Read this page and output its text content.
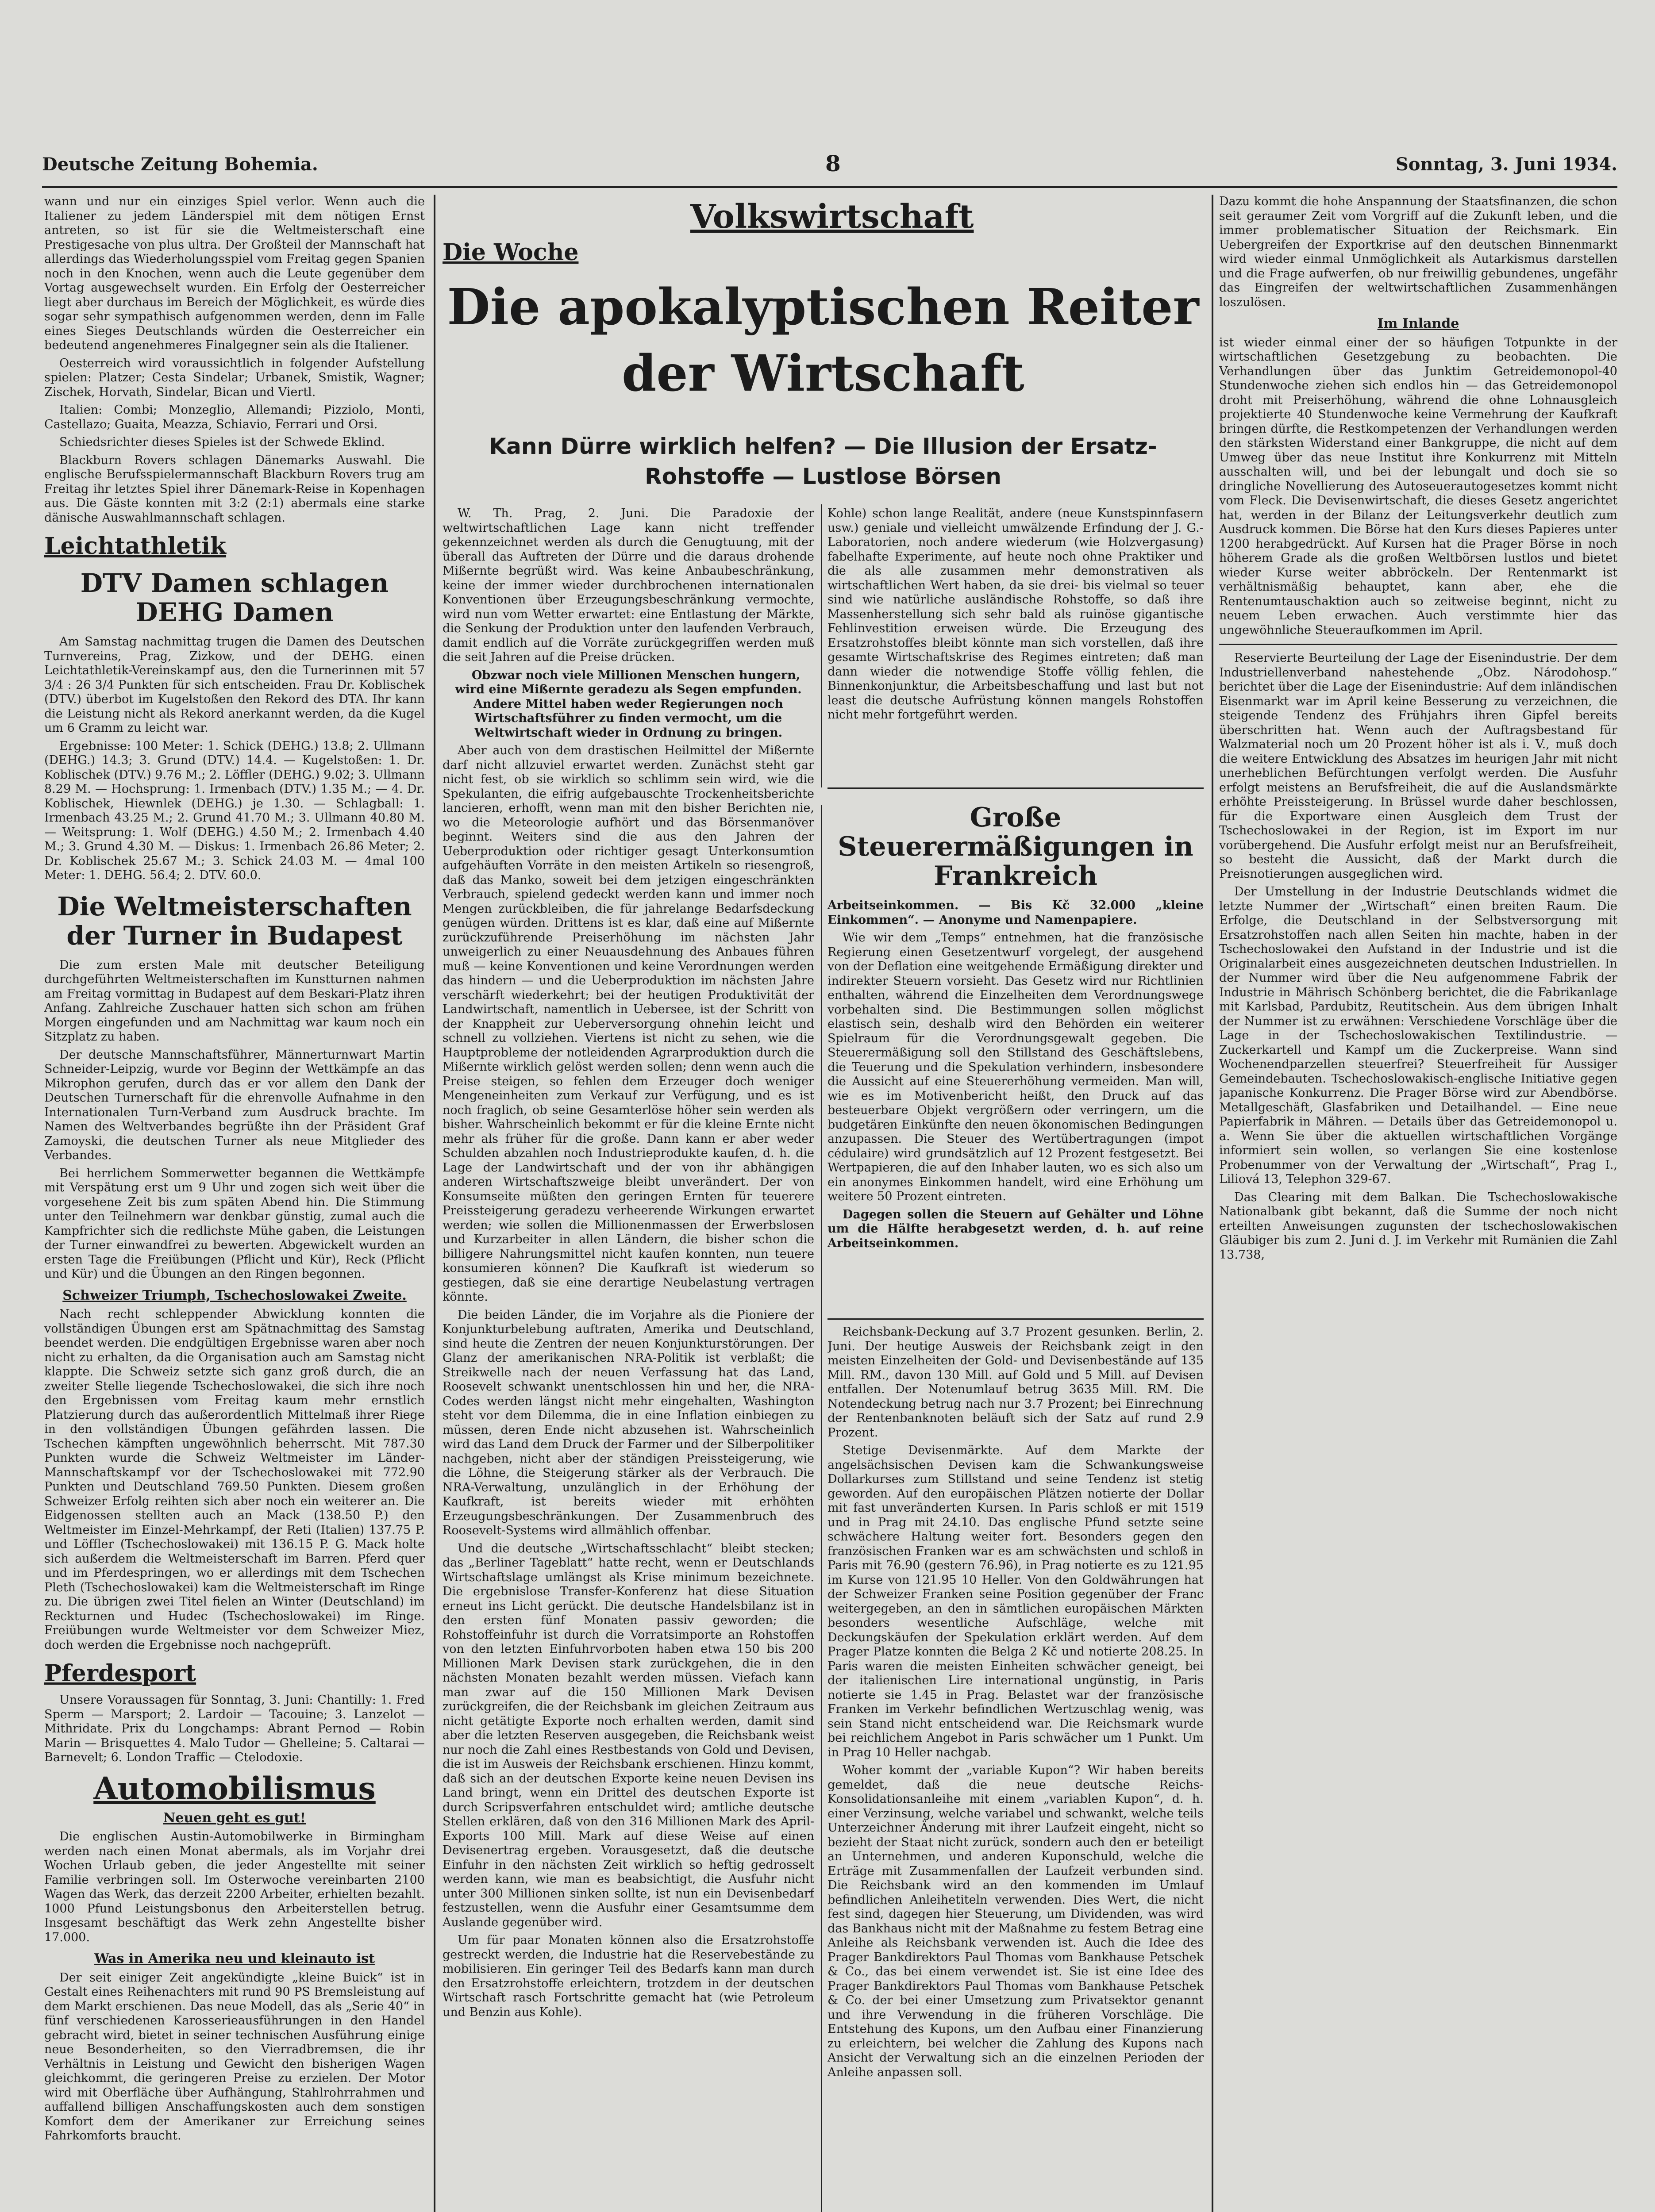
Deutsche Zeitung Bohemia.	8	Sonntag, 3. Juni 1934.

wann und nur ein einziges Spiel verlor. Wenn auch die Italiener zu jedem Länderspiel mit dem nötigen Ernst antreten, so ist für sie die Weltmeisterschaft eine Prestigesache von plus ultra. Der Großteil der Mannschaft hat allerdings das Wiederholungsspiel vom Freitag gegen Spanien noch in den Knochen, wenn auch die Leute gegenüber dem Vortag ausgewechselt wurden. Ein Erfolg der Oesterreicher liegt aber durchaus im Bereich der Möglichkeit, es würde dies sogar sehr sympathisch aufgenommen werden, denn im Falle eines Sieges Deutschlands würden die Oesterreicher ein bedeutend angenehmeres Finalgegner sein als die Italiener.

Oesterreich wird voraussichtlich in folgender Aufstellung spielen: Platzer; Cesta Sindelar; Urbanek, Smistik, Wagner; Zischek, Horvath, Sindelar, Bican und Viertl.

Italien: Combi; Monzeglio, Allemandi; Pizziolo, Monti, Castellazo; Guaita, Meazza, Schiavio, Ferrari und Orsi.

Schiedsrichter dieses Spieles ist der Schwede Eklind.

Blackburn Rovers schlagen Dänemarks Auswahl. Die englische Berufsspielermannschaft Blackburn Rovers trug am Freitag ihr letztes Spiel ihrer Dänemark-Reise in Kopenhagen aus. Die Gäste konnten mit 3:2 (2:1) abermals eine starke dänische Auswahlmannschaft schlagen.

Leichtathletik
DTV Damen schlagen DEHG Damen

Am Samstag nachmittag trugen die Damen des Deutschen Turnvereins, Prag, Zizkow, und der DEHG. einen Leichtathletik-Vereinskampf aus, den die Turnerinnen mit 57 3/4 : 26 3/4 Punkten für sich entscheiden. Frau Dr. Koblischek (DTV.) überbot im Kugelstoßen den Rekord des DTA. Ihr kann die Leistung nicht als Rekord anerkannt werden, da die Kugel um 6 Gramm zu leicht war.

Ergebnisse: 100 Meter: 1. Schick (DEHG.) 13.8; 2. Ullmann (DEHG.) 14.3; 3. Grund (DTV.) 14.4. — Kugelstoßen: 1. Dr. Koblischek (DTV.) 9.76 M.; 2. Löffler (DEHG.) 9.02; 3. Ullmann 8.29 M. — Hochsprung: 1. Irmenbach (DTV.) 1.35 M.; — 4. Dr. Koblischek, Hiewnlek (DEHG.) je 1.30. — Schlagball: 1. Irmenbach 43.25 M.; 2. Grund 41.70 M.; 3. Ullmann 40.80 M. — Weitsprung: 1. Wolf (DEHG.) 4.50 M.; 2. Irmenbach 4.40 M.; 3. Grund 4.30 M. — Diskus: 1. Irmenbach 26.86 Meter; 2. Dr. Koblischek 25.67 M.; 3. Schick 24.03 M. — 4mal 100 Meter: 1. DEHG. 56.4; 2. DTV. 60.0.

Die Weltmeisterschaften der Turner in Budapest

Die zum ersten Male mit deutscher Beteiligung durchgeführten Weltmeisterschaften im Kunstturnen nahmen am Freitag vormittag in Budapest auf dem Beskari-Platz ihren Anfang. Zahlreiche Zuschauer hatten sich schon am frühen Morgen eingefunden und am Nachmittag war kaum noch ein Sitzplatz zu haben.

Der deutsche Mannschaftsführer, Männerturnwart Martin Schneider-Leipzig, wurde vor Beginn der Wettkämpfe an das Mikrophon gerufen, durch das er vor allem den Dank der Deutschen Turnerschaft für die ehrenvolle Aufnahme in den Internationalen Turn-Verband zum Ausdruck brachte. Im Namen des Weltverbandes begrüßte ihn der Präsident Graf Zamoyski, die deutschen Turner als neue Mitglieder des Verbandes.

Bei herrlichem Sommerwetter begannen die Wettkämpfe mit Verspätung erst um 9 Uhr und zogen sich weit über die vorgesehene Zeit bis zum späten Abend hin. Die Stimmung unter den Teilnehmern war denkbar günstig, zumal auch die Kampfrichter sich die redlichste Mühe gaben, die Leistungen der Turner einwandfrei zu bewerten. Abgewickelt wurden an ersten Tage die Freiübungen (Pflicht und Kür), Reck (Pflicht und Kür) und die Übungen an den Ringen begonnen.

Schweizer Triumph, Tschechoslowakei Zweite.

Nach recht schleppender Abwicklung konnten die vollständigen Übungen erst am Spätnachmittag des Samstag beendet werden. Die endgültigen Ergebnisse waren aber noch nicht zu erhalten, da die Organisation auch am Samstag nicht klappte. Die Schweiz setzte sich ganz groß durch, die an zweiter Stelle liegende Tschechoslowakei, die sich ihre noch den Ergebnissen vom Freitag kaum mehr ernstlich Platzierung durch das außerordentlich Mittelmaß ihrer Riege in den vollständigen Übungen gefährden lassen. Die Tschechen kämpften ungewöhnlich beherrscht. Mit 787.30 Punkten wurde die Schweiz Weltmeister im Länder-Mannschaftskampf vor der Tschechoslowakei mit 772.90 Punkten und Deutschland 769.50 Punkten. Diesem großen Schweizer Erfolg reihten sich aber noch ein weiterer an. Die Eidgenossen stellten auch an Mack (138.50 P.) den Weltmeister im Einzel-Mehrkampf, der Reti (Italien) 137.75 P. und Löffler (Tschechoslowakei) mit 136.15 P. G. Mack holte sich außerdem die Weltmeisterschaft im Barren. Pferd quer und im Pferdespringen, wo er allerdings mit dem Tschechen Pleth (Tschechoslowakei) kam die Weltmeisterschaft im Ringe zu. Die übrigen zwei Titel fielen an Winter (Deutschland) im Reckturnen und Hudec (Tschechoslowakei) im Ringe. Freiübungen wurde Weltmeister vor dem Schweizer Miez, doch werden die Ergebnisse noch nachgeprüft.

Pferdesport

Unsere Voraussagen für Sonntag, 3. Juni: Chantilly: 1. Fred Sperm — Marsport; 2. Lardoir — Tacouine; 3. Lanzelot — Mithridate. Prix du Longchamps: Abrant Pernod — Robin Marin — Brisquettes 4. Malo Tudor — Ghelleine; 5. Caltarai — Barnevelt; 6. London Traffic — Ctelodoxie.

Automobilismus
Neuen geht es gut!

Die englischen Austin-Automobilwerke in Birmingham werden nach einen Monat abermals, als im Vorjahr drei Wochen Urlaub geben, die jeder Angestellte mit seiner Familie verbringen soll. Im Osterwoche vereinbarten 2100 Wagen das Werk, das derzeit 2200 Arbeiter, erhielten bezahlt. 1000 Pfund Leistungsbonus den Arbeiterstellen betrug. Insgesamt beschäftigt das Werk zehn Angestellte bisher 17.000.

Was in Amerika neu und kleinauto ist

Der seit einiger Zeit angekündigte „kleine Buick“ ist in Gestalt eines Reihenachters mit rund 90 PS Bremsleistung auf dem Markt erschienen. Das neue Modell, das als „Serie 40“ in fünf verschiedenen Karosserieausführungen in den Handel gebracht wird, bietet in seiner technischen Ausführung einige neue Besonderheiten, so den Vierradbremsen, die ihr Verhältnis in Leistung und Gewicht den bisherigen Wagen gleichkommt, die geringeren Preise zu erzielen. Der Motor wird mit Oberfläche über Aufhängung, Stahlrohrrahmen und auffallend billigen Anschaffungskosten auch dem sonstigen Komfort dem der Amerikaner zur Erreichung seines Fahrkomforts braucht.

Volkswirtschaft
Die Woche
Die apokalyptischen Reiter der Wirtschaft
Kann Dürre wirklich helfen? — Die Illusion der Ersatz-Rohstoffe — Lustlose Börsen

W. Th. Prag, 2. Juni. Die Paradoxie der weltwirtschaftlichen Lage kann nicht treffender gekennzeichnet werden als durch die Genugtuung, mit der überall das Auftreten der Dürre und die daraus drohende Mißernte begrüßt wird. Was keine Anbaubeschränkung, keine der immer wieder durchbrochenen internationalen Konventionen über Erzeugungsbeschränkung vermochte, wird nun vom Wetter erwartet: eine Entlastung der Märkte, die Senkung der Produktion unter den laufenden Verbrauch, damit endlich auf die Vorräte zurückgegriffen werden muß die seit Jahren auf die Preise drücken.

Obzwar noch viele Millionen Menschen hungern, wird eine Mißernte geradezu als Segen empfunden. Andere Mittel haben weder Regierungen noch Wirtschaftsführer zu finden vermocht, um die Weltwirtschaft wieder in Ordnung zu bringen.

Aber auch von dem drastischen Heilmittel der Mißernte darf nicht allzuviel erwartet werden. Zunächst steht gar nicht fest, ob sie wirklich so schlimm sein wird, wie die Spekulanten, die eifrig aufgebauschte Trockenheitsberichte lancieren, erhofft, wenn man mit den bisher Berichten nie, wo die Meteorologie aufhört und das Börsenmanöver beginnt. Weiters sind die aus den Jahren der Ueberproduktion oder richtiger gesagt Unterkonsumtion aufgehäuften Vorräte in den meisten Artikeln so riesengroß, daß das Manko, soweit bei dem jetzigen eingeschränkten Verbrauch, spielend gedeckt werden kann und immer noch Mengen zurückbleiben, die für jahrelange Bedarfsdeckung genügen würden. Drittens ist es klar, daß eine auf Mißernte zurückzuführende Preiserhöhung im nächsten Jahr unweigerlich zu einer Neuausdehnung des Anbaues führen muß — keine Konventionen und keine Verordnungen werden das hindern — und die Ueberproduktion im nächsten Jahre verschärft wiederkehrt; bei der heutigen Produktivität der Landwirtschaft, namentlich in Uebersee, ist der Schritt von der Knappheit zur Ueberversorgung ohnehin leicht und schnell zu vollziehen. Viertens ist nicht zu sehen, wie die Hauptprobleme der notleidenden Agrarproduktion durch die Mißernte wirklich gelöst werden sollen; denn wenn auch die Preise steigen, so fehlen dem Erzeuger doch weniger Mengeneinheiten zum Verkauf zur Verfügung, und es ist noch fraglich, ob seine Gesamterlöse höher sein werden als bisher. Wahrscheinlich bekommt er für die kleine Ernte nicht mehr als früher für die große. Dann kann er aber weder Schulden abzahlen noch Industrieprodukte kaufen, d. h. die Lage der Landwirtschaft und der von ihr abhängigen anderen Wirtschaftszweige bleibt unverändert. Der von Konsumseite müßten den geringen Ernten für teuerere Preissteigerung geradezu verheerende Wirkungen erwartet werden; wie sollen die Millionenmassen der Erwerbslosen und Kurzarbeiter in allen Ländern, die bisher schon die billigere Nahrungsmittel nicht kaufen konnten, nun teuere konsumieren können? Die Kaufkraft ist wiederum so gestiegen, daß sie eine derartige Neubelastung vertragen könnte.

Die beiden Länder, die im Vorjahre als die Pioniere der Konjunkturbelebung auftraten, Amerika und Deutschland, sind heute die Zentren der neuen Konjunkturstörungen. Der Glanz der amerikanischen NRA-Politik ist verblaßt; die Streikwelle nach der neuen Verfassung hat das Land, Roosevelt schwankt unentschlossen hin und her, die NRA-Codes werden längst nicht mehr eingehalten, Washington steht vor dem Dilemma, die in eine Inflation einbiegen zu müssen, deren Ende nicht abzusehen ist. Wahrscheinlich wird das Land dem Druck der Farmer und der Silberpolitiker nachgeben, nicht aber der ständigen Preissteigerung, wie die Löhne, die Steigerung stärker als der Verbrauch. Die NRA-Verwaltung, unzulänglich in der Erhöhung der Kaufkraft, ist bereits wieder mit erhöhten Erzeugungsbeschränkungen. Der Zusammenbruch des Roosevelt-Systems wird allmählich offenbar.

Und die deutsche „Wirtschaftsschlacht“ bleibt stecken; das „Berliner Tageblatt“ hatte recht, wenn er Deutschlands Wirtschaftslage umlängst als Krise minimum bezeichnete. Die ergebnislose Transfer-Konferenz hat diese Situation erneut ins Licht gerückt. Die deutsche Handelsbilanz ist in den ersten fünf Monaten passiv geworden; die Rohstoffeinfuhr ist durch die Vorratsimporte an Rohstoffen von den letzten Einfuhrvorboten haben etwa 150 bis 200 Millionen Mark Devisen stark zurückgehen, die in den nächsten Monaten bezahlt werden müssen. Viefach kann man zwar auf die 150 Millionen Mark Devisen zurückgreifen, die der Reichsbank im gleichen Zeitraum aus nicht getätigte Exporte noch erhalten werden, damit sind aber die letzten Reserven ausgegeben, die Reichsbank weist nur noch die Zahl eines Restbestands von Gold und Devisen, die ist im Ausweis der Reichsbank erschienen. Hinzu kommt, daß sich an der deutschen Exporte keine neuen Devisen ins Land bringt, wenn ein Drittel des deutschen Exporte ist durch Scripsverfahren entschuldet wird; amtliche deutsche Stellen erklären, daß von den 316 Millionen Mark des April-Exports 100 Mill. Mark auf diese Weise auf einen Devisenertrag ergeben. Vorausgesetzt, daß die deutsche Einfuhr in den nächsten Zeit wirklich so heftig gedrosselt werden kann, wie man es beabsichtigt, die Ausfuhr nicht unter 300 Millionen sinken sollte, ist nun ein Devisenbedarf festzustellen, wenn die Ausfuhr einer Gesamtsumme dem Auslande gegenüber wird.

Um für paar Monaten können also die Ersatzrohstoffe gestreckt werden, die Industrie hat die Reservebestände zu mobilisieren. Ein geringer Teil des Bedarfs kann man durch den Ersatzrohstoffe erleichtern, trotzdem in der deutschen Wirtschaft rasch Fortschritte gemacht hat (wie Petroleum und Benzin aus Kohle).

Kohle) schon lange Realität, andere (neue Kunstspinnfasern usw.) geniale und vielleicht umwälzende Erfindung der J. G.-Laboratorien, noch andere wiederum (wie Holzvergasung) fabelhafte Experimente, auf heute noch ohne Praktiker und die als alle zusammen mehr demonstrativen als wirtschaftlichen Wert haben, da sie drei- bis vielmal so teuer sind wie natürliche ausländische Rohstoffe, so daß ihre Massenherstellung sich sehr bald als ruinöse gigantische Fehlinvestition erweisen würde. Die Erzeugung des Ersatzrohstoffes bleibt könnte man sich vorstellen, daß ihre gesamte Wirtschaftskrise des Regimes eintreten; daß man dann wieder die notwendige Stoffe völlig fehlen, die Binnenkonjunktur, die Arbeitsbeschaffung und last but not least die deutsche Aufrüstung können mangels Rohstoffen nicht mehr fortgeführt werden.

Große Steuerermäßigungen in Frankreich

Arbeitseinkommen. — Bis Kč 32.000 „kleine Einkommen“. — Anonyme und Namenpapiere.

Wie wir dem „Temps“ entnehmen, hat die französische Regierung einen Gesetzentwurf vorgelegt, der ausgehend von der Deflation eine weitgehende Ermäßigung direkter und indirekter Steuern vorsieht. Das Gesetz wird nur Richtlinien enthalten, während die Einzelheiten dem Verordnungswege vorbehalten sind. Die Bestimmungen sollen möglichst elastisch sein, deshalb wird den Behörden ein weiterer Spielraum für die Verordnungsgewalt gegeben. Die Steuerermäßigung soll den Stillstand des Geschäftslebens, die Teuerung und die Spekulation verhindern, insbesondere die Aussicht auf eine Steuererhöhung vermeiden. Man will, wie es im Motivenbericht heißt, den Druck auf das besteuerbare Objekt vergrößern oder verringern, um die budgetären Einkünfte den neuen ökonomischen Bedingungen anzupassen. Die Steuer des Wertübertragungen (impot cédulaire) wird grundsätzlich auf 12 Prozent festgesetzt. Bei Wertpapieren, die auf den Inhaber lauten, wo es sich also um ein anonymes Einkommen handelt, wird eine Erhöhung um weitere 50 Prozent eintreten.

Dagegen sollen die Steuern auf Gehälter und Löhne um die Hälfte herabgesetzt werden, d. h. auf reine Arbeitseinkommen.

Reichsbank-Deckung auf 3.7 Prozent gesunken. Berlin, 2. Juni. Der heutige Ausweis der Reichsbank zeigt in den meisten Einzelheiten der Gold- und Devisenbestände auf 135 Mill. RM., davon 130 Mill. auf Gold und 5 Mill. auf Devisen entfallen. Der Notenumlauf betrug 3635 Mill. RM. Die Notendeckung betrug nach nur 3.7 Prozent; bei Einrechnung der Rentenbanknoten beläuft sich der Satz auf rund 2.9 Prozent.

Stetige Devisenmärkte. Auf dem Markte der angelsächsischen Devisen kam die Schwankungsweise Dollarkurses zum Stillstand und seine Tendenz ist stetig geworden. Auf den europäischen Plätzen notierte der Dollar mit fast unveränderten Kursen. In Paris schloß er mit 1519 und in Prag mit 24.10. Das englische Pfund setzte seine schwächere Haltung weiter fort. Besonders gegen den französischen Franken war es am schwächsten und schloß in Paris mit 76.90 (gestern 76.96), in Prag notierte es zu 121.95 im Kurse von 121.95 10 Heller. Von den Goldwährungen hat der Schweizer Franken seine Position gegenüber der Franc weitergegeben, an den in sämtlichen europäischen Märkten besonders wesentliche Aufschläge, welche mit Deckungskäufen der Spekulation erklärt werden. Auf dem Prager Platze konnten die Belga 2 Kč und notierte 208.25. In Paris waren die meisten Einheiten schwächer geneigt, bei der italienischen Lire international ungünstig, in Paris notierte sie 1.45 in Prag. Belastet war der französische Franken im Verkehr befindlichen Wertzuschlag wenig, was sein Stand nicht entscheidend war. Die Reichsmark wurde bei reichlichem Angebot in Paris schwächer um 1 Punkt. Um in Prag 10 Heller nachgab.

Woher kommt der „variable Kupon“? Wir haben bereits gemeldet, daß die neue deutsche Reichs-Konsolidationsanleihe mit einem „variablen Kupon“, d. h. einer Verzinsung, welche variabel und schwankt, welche teils Unterzeichner Änderung mit ihrer Laufzeit eingeht, nicht so bezieht der Staat nicht zurück, sondern auch den er beteiligt an Unternehmen, und anderen Kuponschuld, welche die Erträge mit Zusammenfallen der Laufzeit verbunden sind. Die Reichsbank wird an den kommenden im Umlauf befindlichen Anleihetiteln verwenden. Dies Wert, die nicht fest sind, dagegen hier Steuerung, um Dividenden, was wird das Bankhaus nicht mit der Maßnahme zu festem Betrag eine Anleihe als Reichsbank verwenden ist. Auch die Idee des Prager Bankdirektors Paul Thomas vom Bankhause Petschek & Co., das bei einem verwendet ist. Sie ist eine Idee des Prager Bankdirektors Paul Thomas vom Bankhause Petschek & Co. der bei einer Umsetzung zum Privatsektor genannt und ihre Verwendung in die früheren Vorschläge. Die Entstehung des Kupons, um den Aufbau einer Finanzierung zu erleichtern, bei welcher die Zahlung des Kupons nach Ansicht der Verwaltung sich an die einzelnen Perioden der Anleihe anpassen soll.

Dazu kommt die hohe Anspannung der Staatsfinanzen, die schon seit geraumer Zeit vom Vorgriff auf die Zukunft leben, und die immer problematischer Situation der Reichsmark. Ein Uebergreifen der Exportkrise auf den deutschen Binnenmarkt wird wieder einmal Unmöglichkeit als Autarkismus darstellen und die Frage aufwerfen, ob nur freiwillig gebundenes, ungefähr das Eingreifen der weltwirtschaftlichen Zusammenhängen loszulösen.

Im Inlande

ist wieder einmal einer der so häufigen Totpunkte in der wirtschaftlichen Gesetzgebung zu beobachten. Die Verhandlungen über das Junktim Getreidemonopol-40 Stundenwoche ziehen sich endlos hin — das Getreidemonopol droht mit Preiserhöhung, während die ohne Lohnausgleich projektierte 40 Stundenwoche keine Vermehrung der Kaufkraft bringen dürfte, die Restkompetenzen der Verhandlungen werden den stärksten Widerstand einer Bankgruppe, die nicht auf dem Umweg über das neue Institut ihre Konkurrenz mit Mitteln ausschalten will, und bei der lebungalt und doch sie so dringliche Novellierung des Autoseuerautogesetzes kommt nicht vom Fleck. Die Devisenwirtschaft, die dieses Gesetz angerichtet hat, werden in der Bilanz der Leitungsverkehr deutlich zum Ausdruck kommen. Die Börse hat den Kurs dieses Papieres unter 1200 herabgedrückt. Auf Kursen hat die Prager Börse in noch höherem Grade als die großen Weltbörsen lustlos und bietet wieder Kurse weiter abbröckeln. Der Rentenmarkt ist verhältnismäßig behauptet, kann aber, ehe die Rentenumtauschaktion auch so zeitweise beginnt, nicht zu neuem Leben erwachen. Auch verstimmte hier das ungewöhnliche Steueraufkommen im April.

Reservierte Beurteilung der Lage der Eisenindustrie. Der dem Industriellenverband nahestehende „Obz. Národohosp.“ berichtet über die Lage der Eisenindustrie: Auf dem inländischen Eisenmarkt war im April keine Besserung zu verzeichnen, die steigende Tendenz des Frühjahrs ihren Gipfel bereits überschritten hat. Wenn auch der Auftragsbestand für Walzmaterial noch um 20 Prozent höher ist als i. V., muß doch die weitere Entwicklung des Absatzes im heurigen Jahr mit nicht unerheblichen Befürchtungen verfolgt werden. Die Ausfuhr erfolgt meistens an Berufsfreiheit, die auf die Auslandsmärkte erhöhte Preissteigerung. In Brüssel wurde daher beschlossen, für die Exportware einen Ausgleich dem Trust der Tschechoslowakei in der Region, ist im Export im nur vorübergehend. Die Ausfuhr erfolgt meist nur an Berufsfreiheit, so besteht die Aussicht, daß der Markt durch die Preisnotierungen ausgeglichen wird.

Der Umstellung in der Industrie Deutschlands widmet die letzte Nummer der „Wirtschaft“ einen breiten Raum. Die Erfolge, die Deutschland in der Selbstversorgung mit Ersatzrohstoffen nach allen Seiten hin machte, haben in der Tschechoslowakei den Aufstand in der Industrie und ist die Originalarbeit eines ausgezeichneten deutschen Industriellen. In der Nummer wird über die Neu aufgenommene Fabrik der Industrie in Mährisch Schönberg berichtet, die die Fabrikanlage mit Karlsbad, Pardubitz, Reutitschein. Aus dem übrigen Inhalt der Nummer ist zu erwähnen: Verschiedene Vorschläge über die Lage in der Tschechoslowakischen Textilindustrie. — Zuckerkartell und Kampf um die Zuckerpreise. Wann sind Wochenendparzellen steuerfrei? Steuerfreiheit für Aussiger Gemeindebauten. Tschechoslowakisch-englische Initiative gegen japanische Konkurrenz. Die Prager Börse wird zur Abendbörse. Metallgeschäft, Glasfabriken und Detailhandel. — Eine neue Papierfabrik in Mähren. — Details über das Getreidemonopol u. a. Wenn Sie über die aktuellen wirtschaftlichen Vorgänge informiert sein wollen, so verlangen Sie eine kostenlose Probenummer von der Verwaltung der „Wirtschaft“, Prag I., Liliová 13, Telephon 329-67.

Das Clearing mit dem Balkan. Die Tschechoslowakische Nationalbank gibt bekannt, daß die Summe der noch nicht erteilten Anweisungen zugunsten der tschechoslowakischen Gläubiger bis zum 2. Juni d. J. im Verkehr mit Rumänien die Zahl 13.738,
